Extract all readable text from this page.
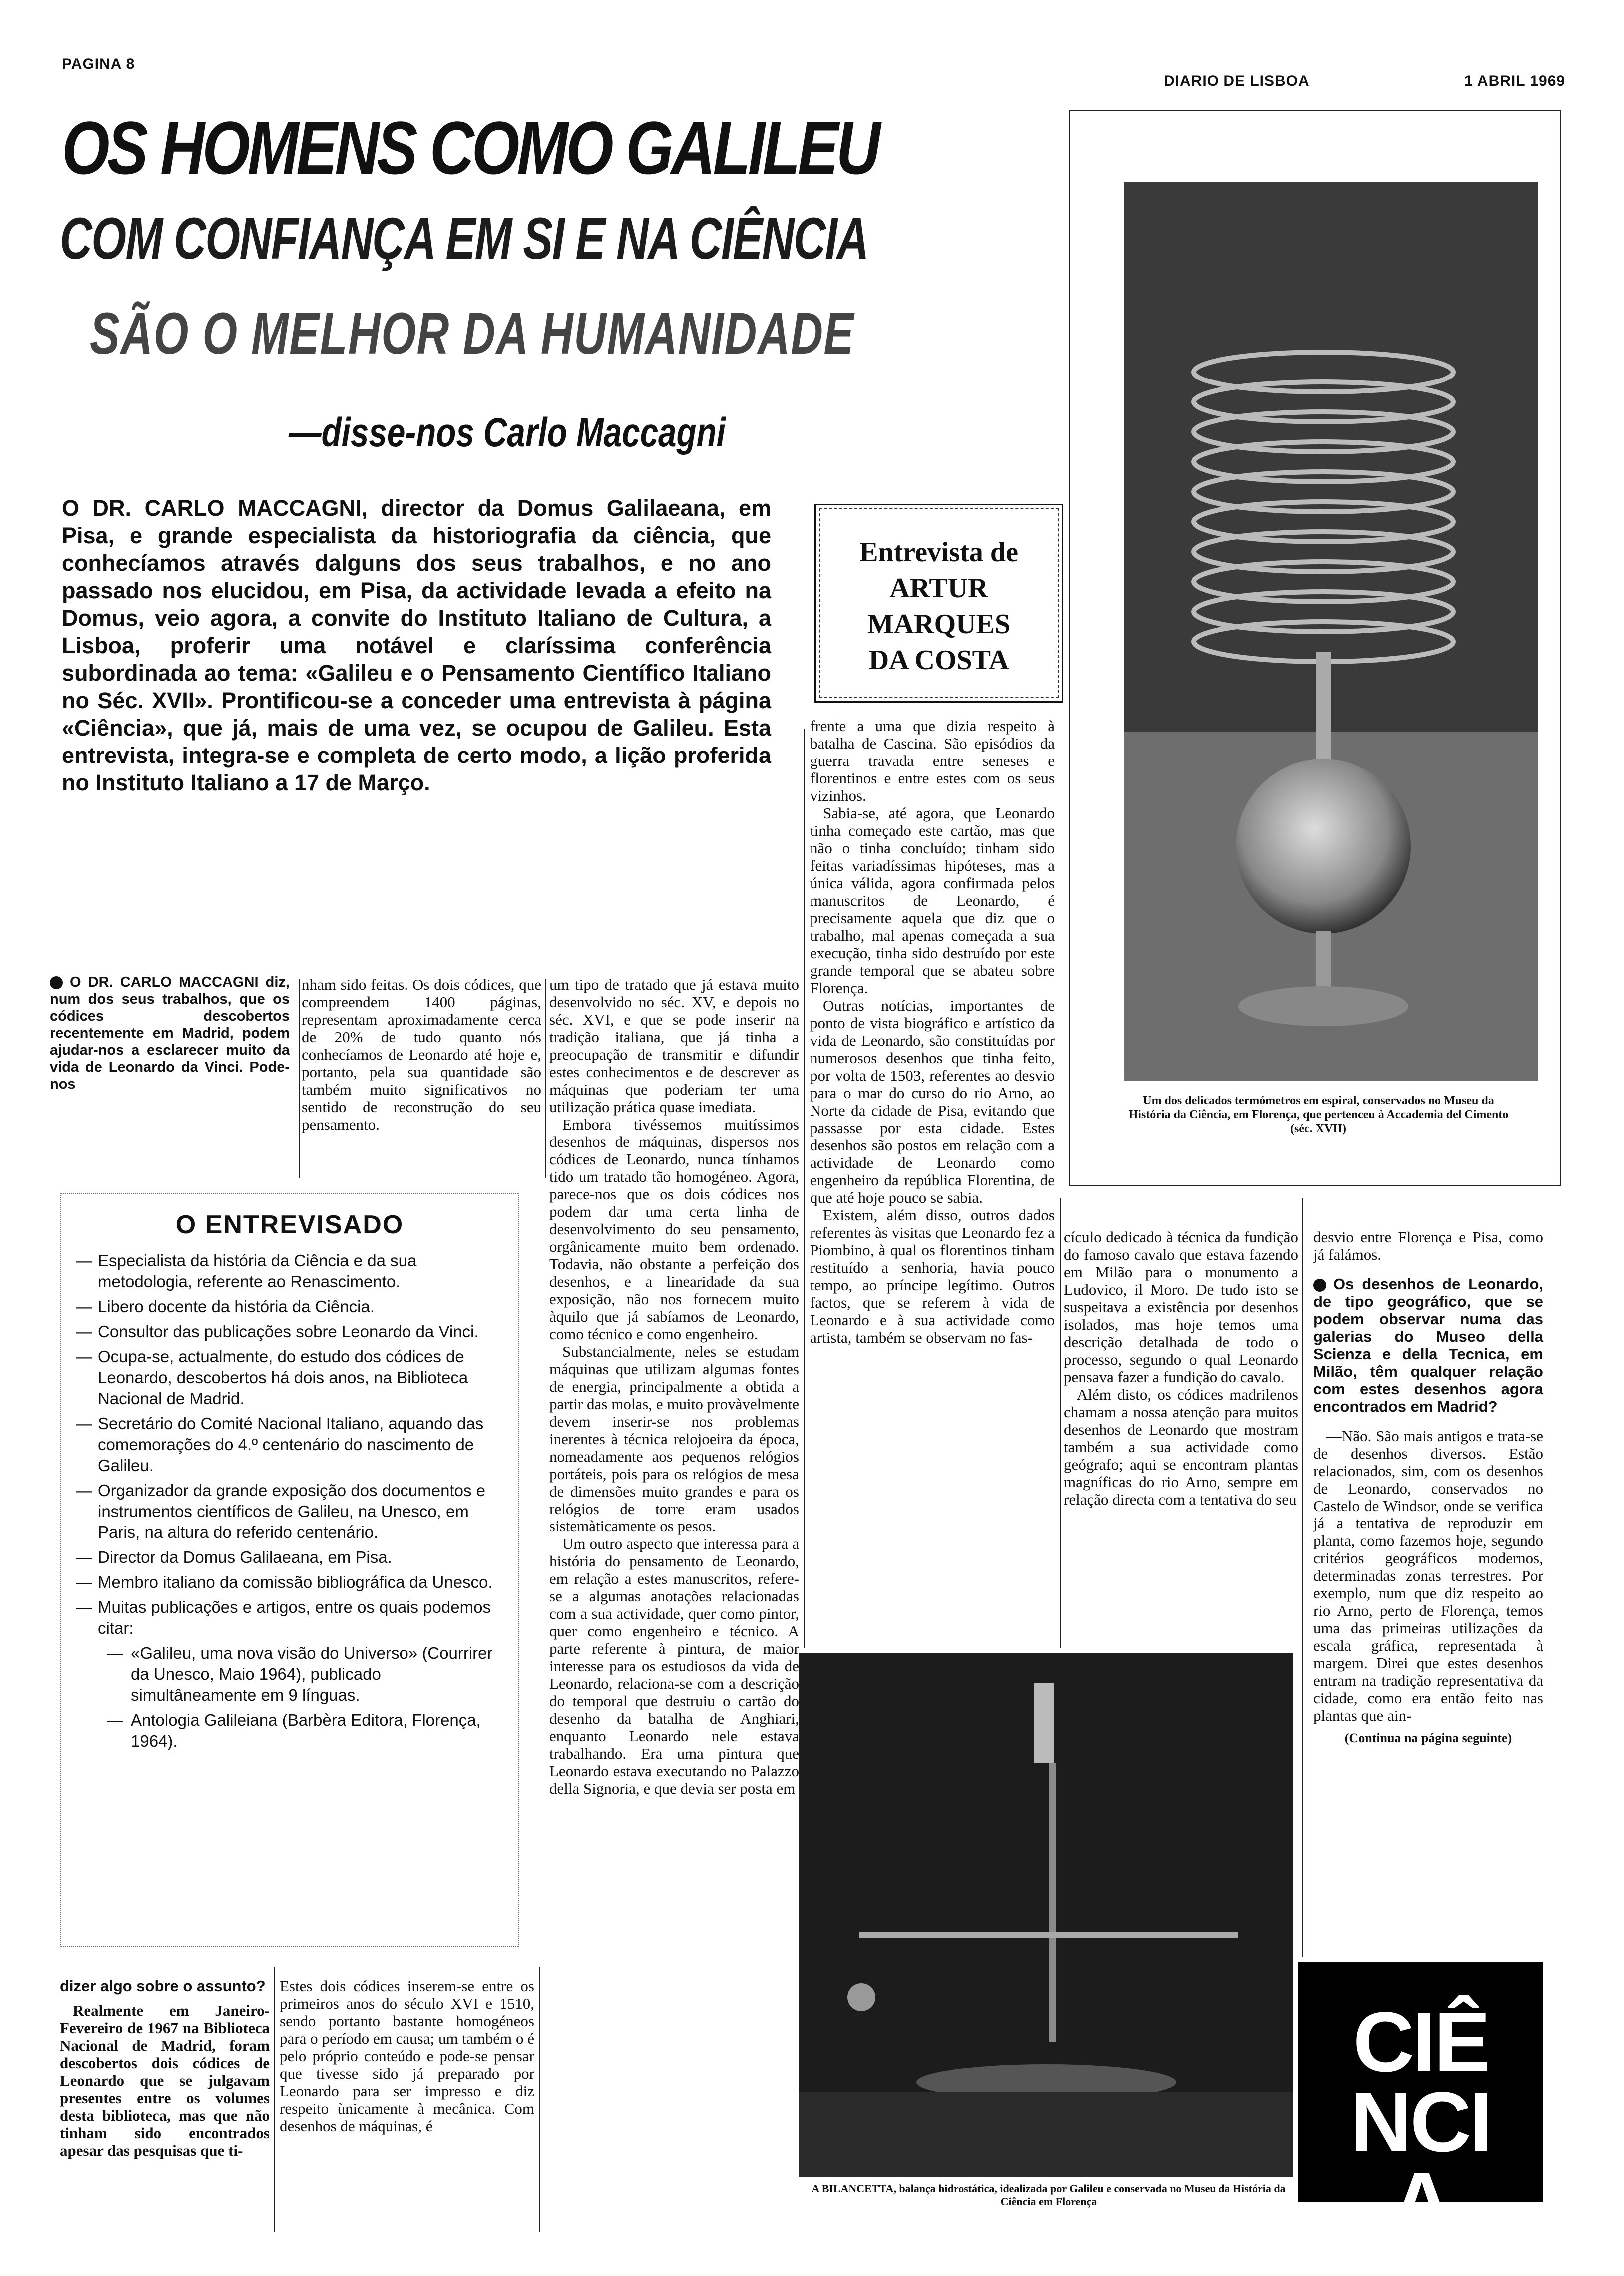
PAGINA 8
DIARIO DE LISBOA	1 ABRIL 1969
OS HOMENS COMO GALILEU
COM CONFIANÇA EM SI E NA CIÊNCIA
SÃO O MELHOR DA HUMANIDADE
—disse-nos Carlo Maccagni
O DR. CARLO MACCAGNI, director da Domus Galilaeana, em Pisa, e grande especialista da historiografia da ciência, que conhecíamos através dalguns dos seus trabalhos, e no ano passado nos elucidou, em Pisa, da actividade levada a efeito na Domus, veio agora, a convite do Instituto Italiano de Cultura, a Lisboa, proferir uma notável e claríssima conferência subordinada ao tema: «Galileu e o Pensamento Científico Italiano no Séc. XVII». Prontificou-se a conceder uma entrevista à página «Ciência», que já, mais de uma vez, se ocupou de Galileu. Esta entrevista, integra-se e completa de certo modo, a lição proferida no Instituto Italiano a 17 de Março.
Entrevista de
ARTUR MARQUES
DA COSTA
Um dos delicados termómetros em espiral, conservados no Museu da História da Ciência, em Florença, que pertenceu à Accademia del Cimento (séc. XVII)
O DR. CARLO MACCAGNI diz, num dos seus trabalhos, que os códices descobertos recentemente em Madrid, podem ajudar-nos a esclarecer muito da vida de Leonardo da Vinci. Pode-nos

nham sido feitas. Os dois códices, que compreendem 1400 páginas, representam aproximadamente cerca de 20% de tudo quanto nós conhecíamos de Leonardo até hoje e, portanto, pela sua quantidade são também muito significativos no sentido de reconstrução do seu pensamento.

um tipo de tratado que já estava muito desenvolvido no séc. XV, e depois no séc. XVI, e que se pode inserir na tradição italiana, que já tinha a preocupação de transmitir e difundir estes conhecimentos e de descrever as máquinas que poderiam ter uma utilização prática quase imediata.

Embora tivéssemos muitíssimos desenhos de máquinas, dispersos nos códices de Leonardo, nunca tínhamos tido um tratado tão homogéneo. Agora, parece-nos que os dois códices nos podem dar uma certa linha de desenvolvimento do seu pensamento, orgânicamente muito bem ordenado. Todavia, não obstante a perfeição dos desenhos, e a linearidade da sua exposição, não nos fornecem muito àquilo que já sabíamos de Leonardo, como técnico e como engenheiro.

Substancialmente, neles se estudam máquinas que utilizam algumas fontes de energia, principalmente a obtida a partir das molas, e muito provàvelmente devem inserir-se nos problemas inerentes à técnica relojoeira da época, nomeadamente aos pequenos relógios portáteis, pois para os relógios de mesa de dimensões muito grandes e para os relógios de torre eram usados sistemàticamente os pesos.

Um outro aspecto que interessa para a história do pensamento de Leonardo, em relação a estes manuscritos, refere-se a algumas anotações relacionadas com a sua actividade, quer como pintor, quer como engenheiro e técnico. A parte referente à pintura, de maior interesse para os estudiosos da vida de Leonardo, relaciona-se com a descrição do temporal que destruiu o cartão do desenho da batalha de Anghiari, enquanto Leonardo nele estava trabalhando. Era uma pintura que Leonardo estava executando no Palazzo della Signoria, e que devia ser posta em

frente a uma que dizia respeito à batalha de Cascina. São episódios da guerra travada entre seneses e florentinos e entre estes com os seus vizinhos.

Sabia-se, até agora, que Leonardo tinha começado este cartão, mas que não o tinha concluído; tinham sido feitas variadíssimas hipóteses, mas a única válida, agora confirmada pelos manuscritos de Leonardo, é precisamente aquela que diz que o trabalho, mal apenas começada a sua execução, tinha sido destruído por este grande temporal que se abateu sobre Florença.

Outras notícias, importantes de ponto de vista biográfico e artístico da vida de Leonardo, são constituídas por numerosos desenhos que tinha feito, por volta de 1503, referentes ao desvio para o mar do curso do rio Arno, ao Norte da cidade de Pisa, evitando que passasse por esta cidade. Estes desenhos são postos em relação com a actividade de Leonardo como engenheiro da república Florentina, de que até hoje pouco se sabia.

Existem, além disso, outros dados referentes às visitas que Leonardo fez a Piombino, à qual os florentinos tinham restituído a senhoria, havia pouco tempo, ao príncipe legítimo. Outros factos, que se referem à vida de Leonardo e à sua actividade como artista, também se observam no fas-

cículo dedicado à técnica da fundição do famoso cavalo que estava fazendo em Milão para o monumento a Ludovico, il Moro. De tudo isto se suspeitava a existência por desenhos isolados, mas hoje temos uma descrição detalhada de todo o processo, segundo o qual Leonardo pensava fazer a fundição do cavalo.

Além disto, os códices madrilenos chamam a nossa atenção para muitos desenhos de Leonardo que mostram também a sua actividade como geógrafo; aqui se encontram plantas magníficas do rio Arno, sempre em relação directa com a tentativa do seu

desvio entre Florença e Pisa, como já falámos.

Os desenhos de Leonardo, de tipo geográfico, que se podem observar numa das galerias do Museo della Scienza e della Tecnica, em Milão, têm qualquer relação com estes desenhos agora encontrados em Madrid?

—Não. São mais antigos e trata-se de desenhos diversos. Estão relacionados, sim, com os desenhos de Leonardo, conservados no Castelo de Windsor, onde se verifica já a tentativa de reproduzir em planta, como fazemos hoje, segundo critérios geográficos modernos, determinadas zonas terrestres. Por exemplo, num que diz respeito ao rio Arno, perto de Florença, temos uma das primeiras utilizações da escala gráfica, representada à margem. Direi que estes desenhos entram na tradição representativa da cidade, como era então feito nas plantas que ain-

(Continua na página seguinte)

O ENTREVISADO
— Especialista da história da Ciência e da sua metodologia, referente ao Renascimento.
— Libero docente da história da Ciência.
— Consultor das publicações sobre Leonardo da Vinci.
— Ocupa-se, actualmente, do estudo dos códices de Leonardo, descobertos há dois anos, na Biblioteca Nacional de Madrid.
— Secretário do Comité Nacional Italiano, aquando das comemorações do 4.º centenário do nascimento de Galileu.
— Organizador da grande exposição dos documentos e instrumentos científicos de Galileu, na Unesco, em Paris, na altura do referido centenário.
— Director da Domus Galilaeana, em Pisa.
— Membro italiano da comissão bibliográfica da Unesco.
— Muitas publicações e artigos, entre os quais podemos citar:
— «Galileu, uma nova visão do Universo» (Courrirer da Unesco, Maio 1964), publicado simultâneamente em 9 línguas.
— Antologia Galileiana (Barbèra Editora, Florença, 1964).

dizer algo sobre o assunto?

Realmente em Janeiro-Fevereiro de 1967 na Biblioteca Nacional de Madrid, foram descobertos dois códices de Leonardo que se julgavam presentes entre os volumes desta biblioteca, mas que não tinham sido encontrados apesar das pesquisas que ti-

Estes dois códices inserem-se entre os primeiros anos do século XVI e 1510, sendo portanto bastante homogéneos para o período em causa; um também o é pelo próprio conteúdo e pode-se pensar que tivesse sido já preparado por Leonardo para ser impresso e diz respeito ùnicamente à mecânica. Com desenhos de máquinas, é

A BILANCETTA, balança hidrostática, idealizada por Galileu e conservada no Museu da História da Ciência em Florença
CIÊNCIA
